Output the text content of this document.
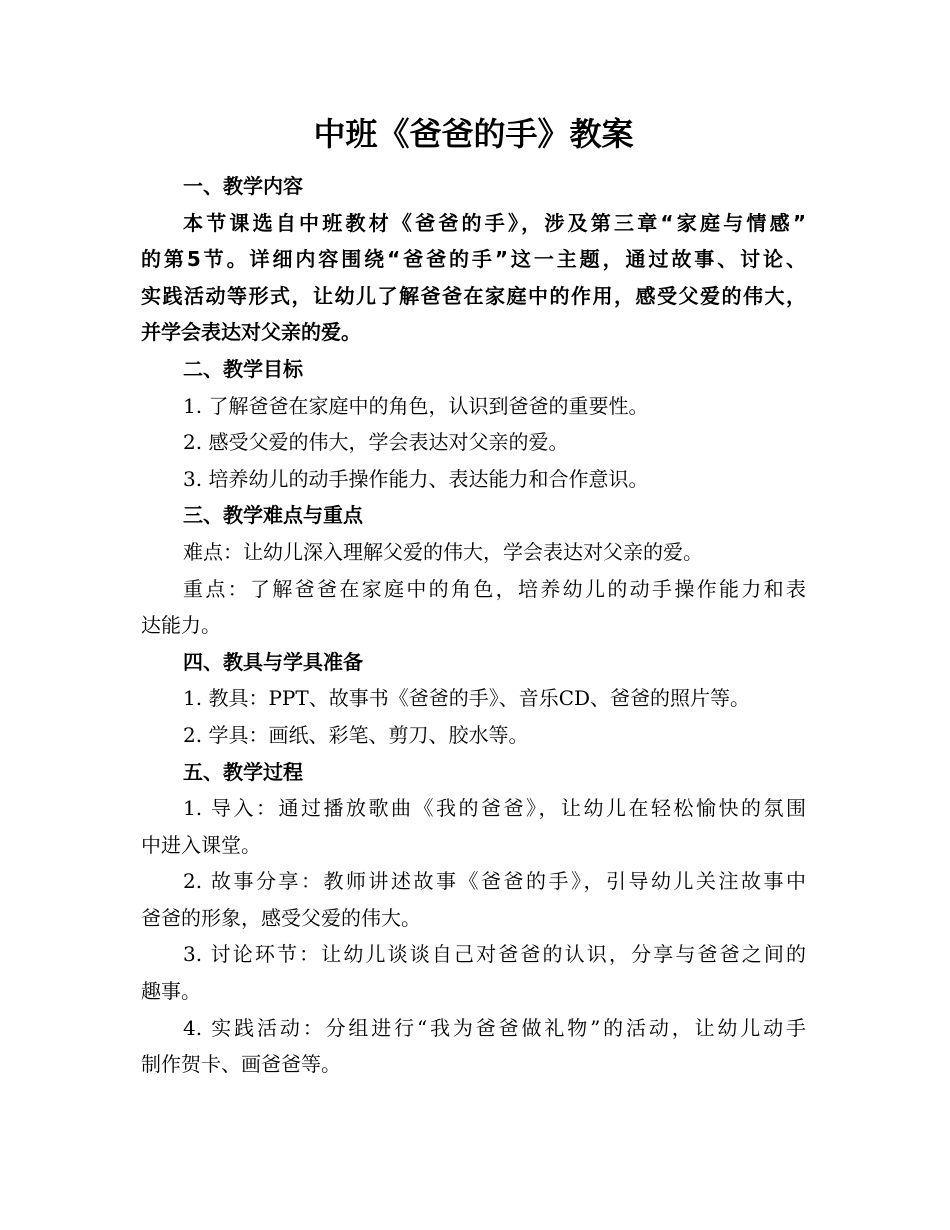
中班《爸爸的手》教案
一、教学内容
本节课选自中班教材《爸爸的手》，涉及第三章“家庭与情感”
的第5节。详细内容围绕“爸爸的手”这一主题，通过故事、讨论、
实践活动等形式，让幼儿了解爸爸在家庭中的作用，感受父爱的伟大，
并学会表达对父亲的爱。
二、教学目标
1. 了解爸爸在家庭中的角色，认识到爸爸的重要性。
2. 感受父爱的伟大，学会表达对父亲的爱。
3. 培养幼儿的动手操作能力、表达能力和合作意识。
三、教学难点与重点
难点：让幼儿深入理解父爱的伟大，学会表达对父亲的爱。
重点：了解爸爸在家庭中的角色，培养幼儿的动手操作能力和表
达能力。
四、教具与学具准备
1. 教具：PPT、故事书《爸爸的手》、音乐CD、爸爸的照片等。
2. 学具：画纸、彩笔、剪刀、胶水等。
五、教学过程
1. 导入：通过播放歌曲《我的爸爸》，让幼儿在轻松愉快的氛围
中进入课堂。
2. 故事分享：教师讲述故事《爸爸的手》，引导幼儿关注故事中
爸爸的形象，感受父爱的伟大。
3. 讨论环节：让幼儿谈谈自己对爸爸的认识，分享与爸爸之间的
趣事。
4. 实践活动：分组进行“我为爸爸做礼物”的活动，让幼儿动手
制作贺卡、画爸爸等。
